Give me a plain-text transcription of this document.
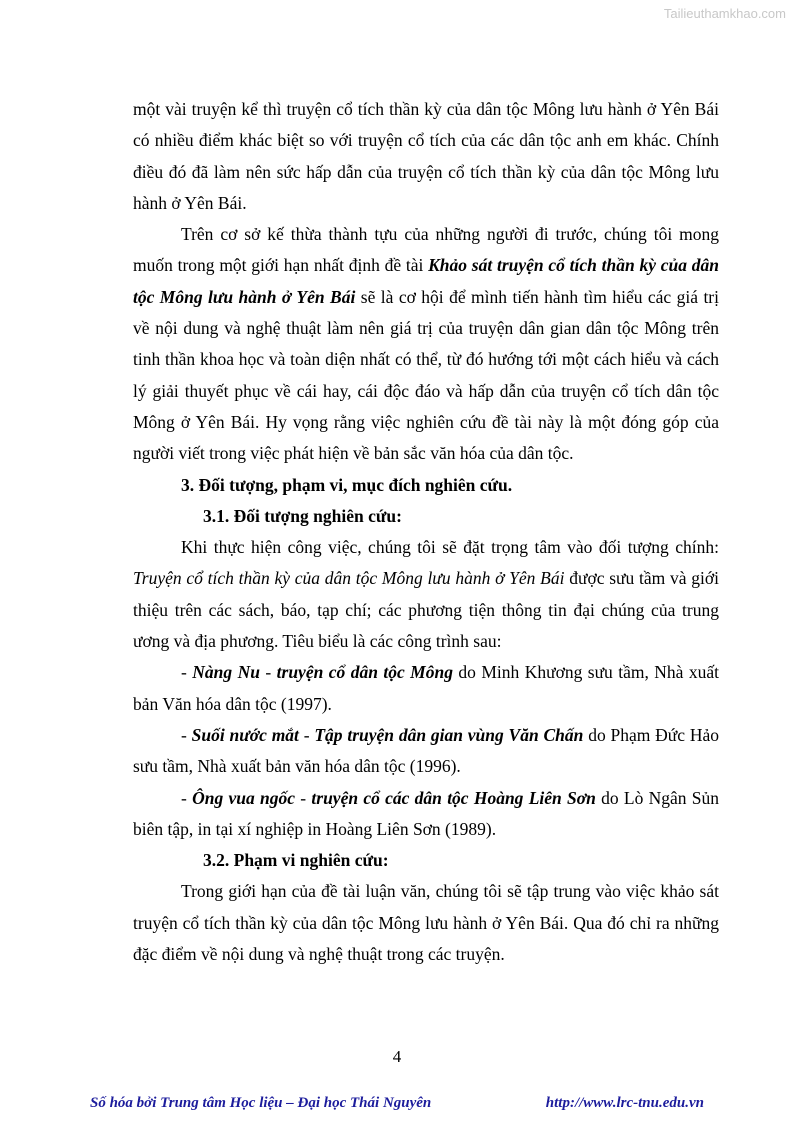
Tailieuthamkhao.com

một vài truyện kể thì truyện cổ tích thần kỳ của dân tộc Mông lưu hành ở Yên Bái có nhiều điểm khác biệt so với truyện cổ tích của các dân tộc anh em khác. Chính điều đó đã làm nên sức hấp dẫn của truyện cổ tích thần kỳ của dân tộc Mông lưu hành ở Yên Bái.

Trên cơ sở kế thừa thành tựu của những người đi trước, chúng tôi mong muốn trong một giới hạn nhất định đề tài Khảo sát truyện cổ tích thần kỳ của dân tộc Mông lưu hành ở Yên Bái sẽ là cơ hội để mình tiến hành tìm hiểu các giá trị về nội dung và nghệ thuật làm nên giá trị của truyện dân gian dân tộc Mông trên tinh thần khoa học và toàn diện nhất có thể, từ đó hướng tới một cách hiểu và cách lý giải thuyết phục về cái hay, cái độc đáo và hấp dẫn của truyện cổ tích dân tộc Mông ở Yên Bái. Hy vọng rằng việc nghiên cứu đề tài này là một đóng góp của người viết trong việc phát hiện về bản sắc văn hóa của dân tộc.

3. Đối tượng, phạm vi, mục đích nghiên cứu.

3.1. Đối tượng nghiên cứu:

Khi thực hiện công việc, chúng tôi sẽ đặt trọng tâm vào đối tượng chính: Truyện cổ tích thần kỳ của dân tộc Mông lưu hành ở Yên Bái được sưu tầm và giới thiệu trên các sách, báo, tạp chí; các phương tiện thông tin đại chúng của trung ương và địa phương. Tiêu biểu là các công trình sau:

- Nàng Nu - truyện cổ dân tộc Mông do Minh Khương sưu tầm, Nhà xuất bản Văn hóa dân tộc (1997).

- Suối nước mắt - Tập truyện dân gian vùng Văn Chấn do Phạm Đức Hảo sưu tầm, Nhà xuất bản văn hóa dân tộc (1996).

- Ông vua ngốc - truyện cổ các dân tộc Hoàng Liên Sơn do Lò Ngân Sủn biên tập, in tại xí nghiệp in Hoàng Liên Sơn (1989).

3.2. Phạm vi nghiên cứu:

Trong giới hạn của đề tài luận văn, chúng tôi sẽ tập trung vào việc khảo sát truyện cổ tích thần kỳ của dân tộc Mông lưu hành ở Yên Bái. Qua đó chỉ ra những đặc điểm về nội dung và nghệ thuật trong các truyện.

4
Số hóa bởi Trung tâm Học liệu – Đại học Thái Nguyên	http://www.lrc-tnu.edu.vn
